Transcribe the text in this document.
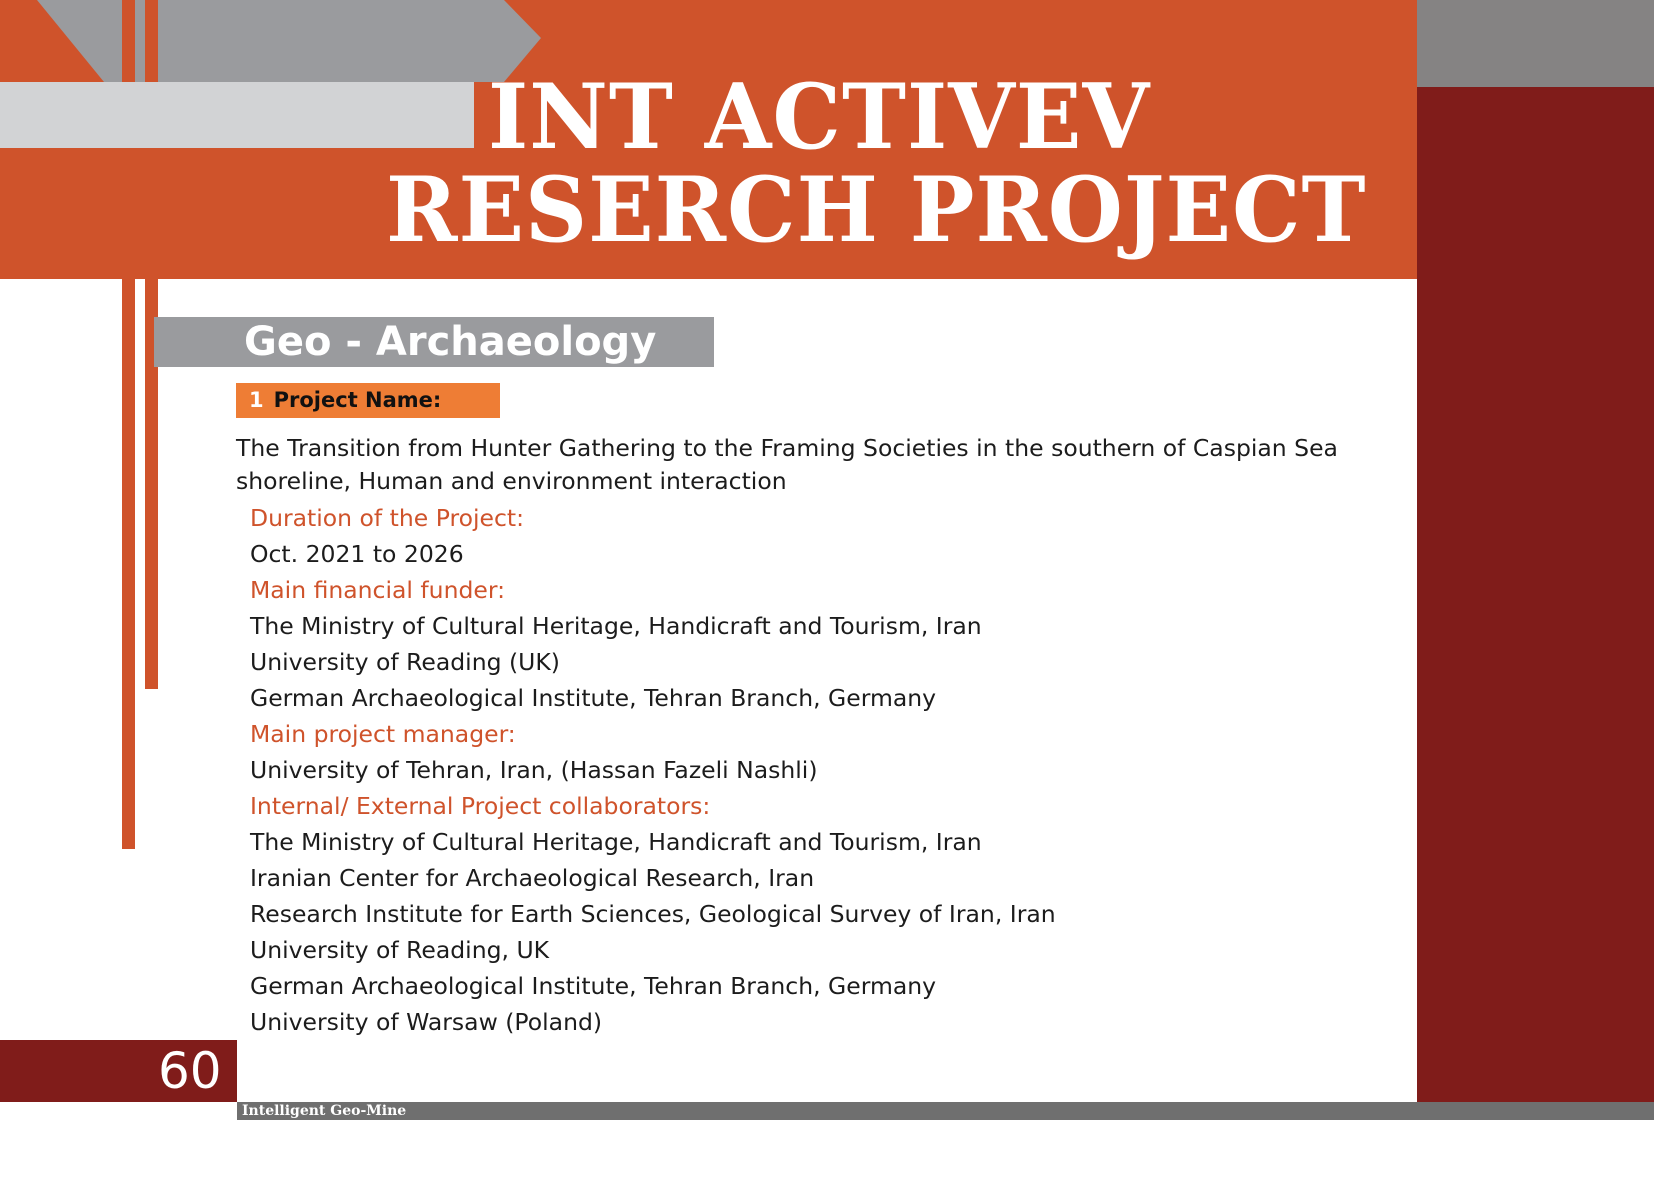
INT ACTIVEV
RESERCH PROJECT
Geo - Archaeology
1 Project Name:
The Transition from Hunter Gathering to the Framing Societies in the southern of Caspian Sea
shoreline, Human and environment interaction
Duration of the Project:
Oct. 2021 to 2026
Main financial funder:
The Ministry of Cultural Heritage, Handicraft and Tourism, Iran
University of Reading (UK)
German Archaeological Institute, Tehran Branch, Germany
Main project manager:
University of Tehran, Iran, (Hassan Fazeli Nashli)
Internal/ External Project collaborators:
The Ministry of Cultural Heritage, Handicraft and Tourism, Iran
Iranian Center for Archaeological Research, Iran
Research Institute for Earth Sciences, Geological Survey of Iran, Iran
University of Reading, UK
German Archaeological Institute, Tehran Branch, Germany
University of Warsaw (Poland)
60
Intelligent Geo-Mine
